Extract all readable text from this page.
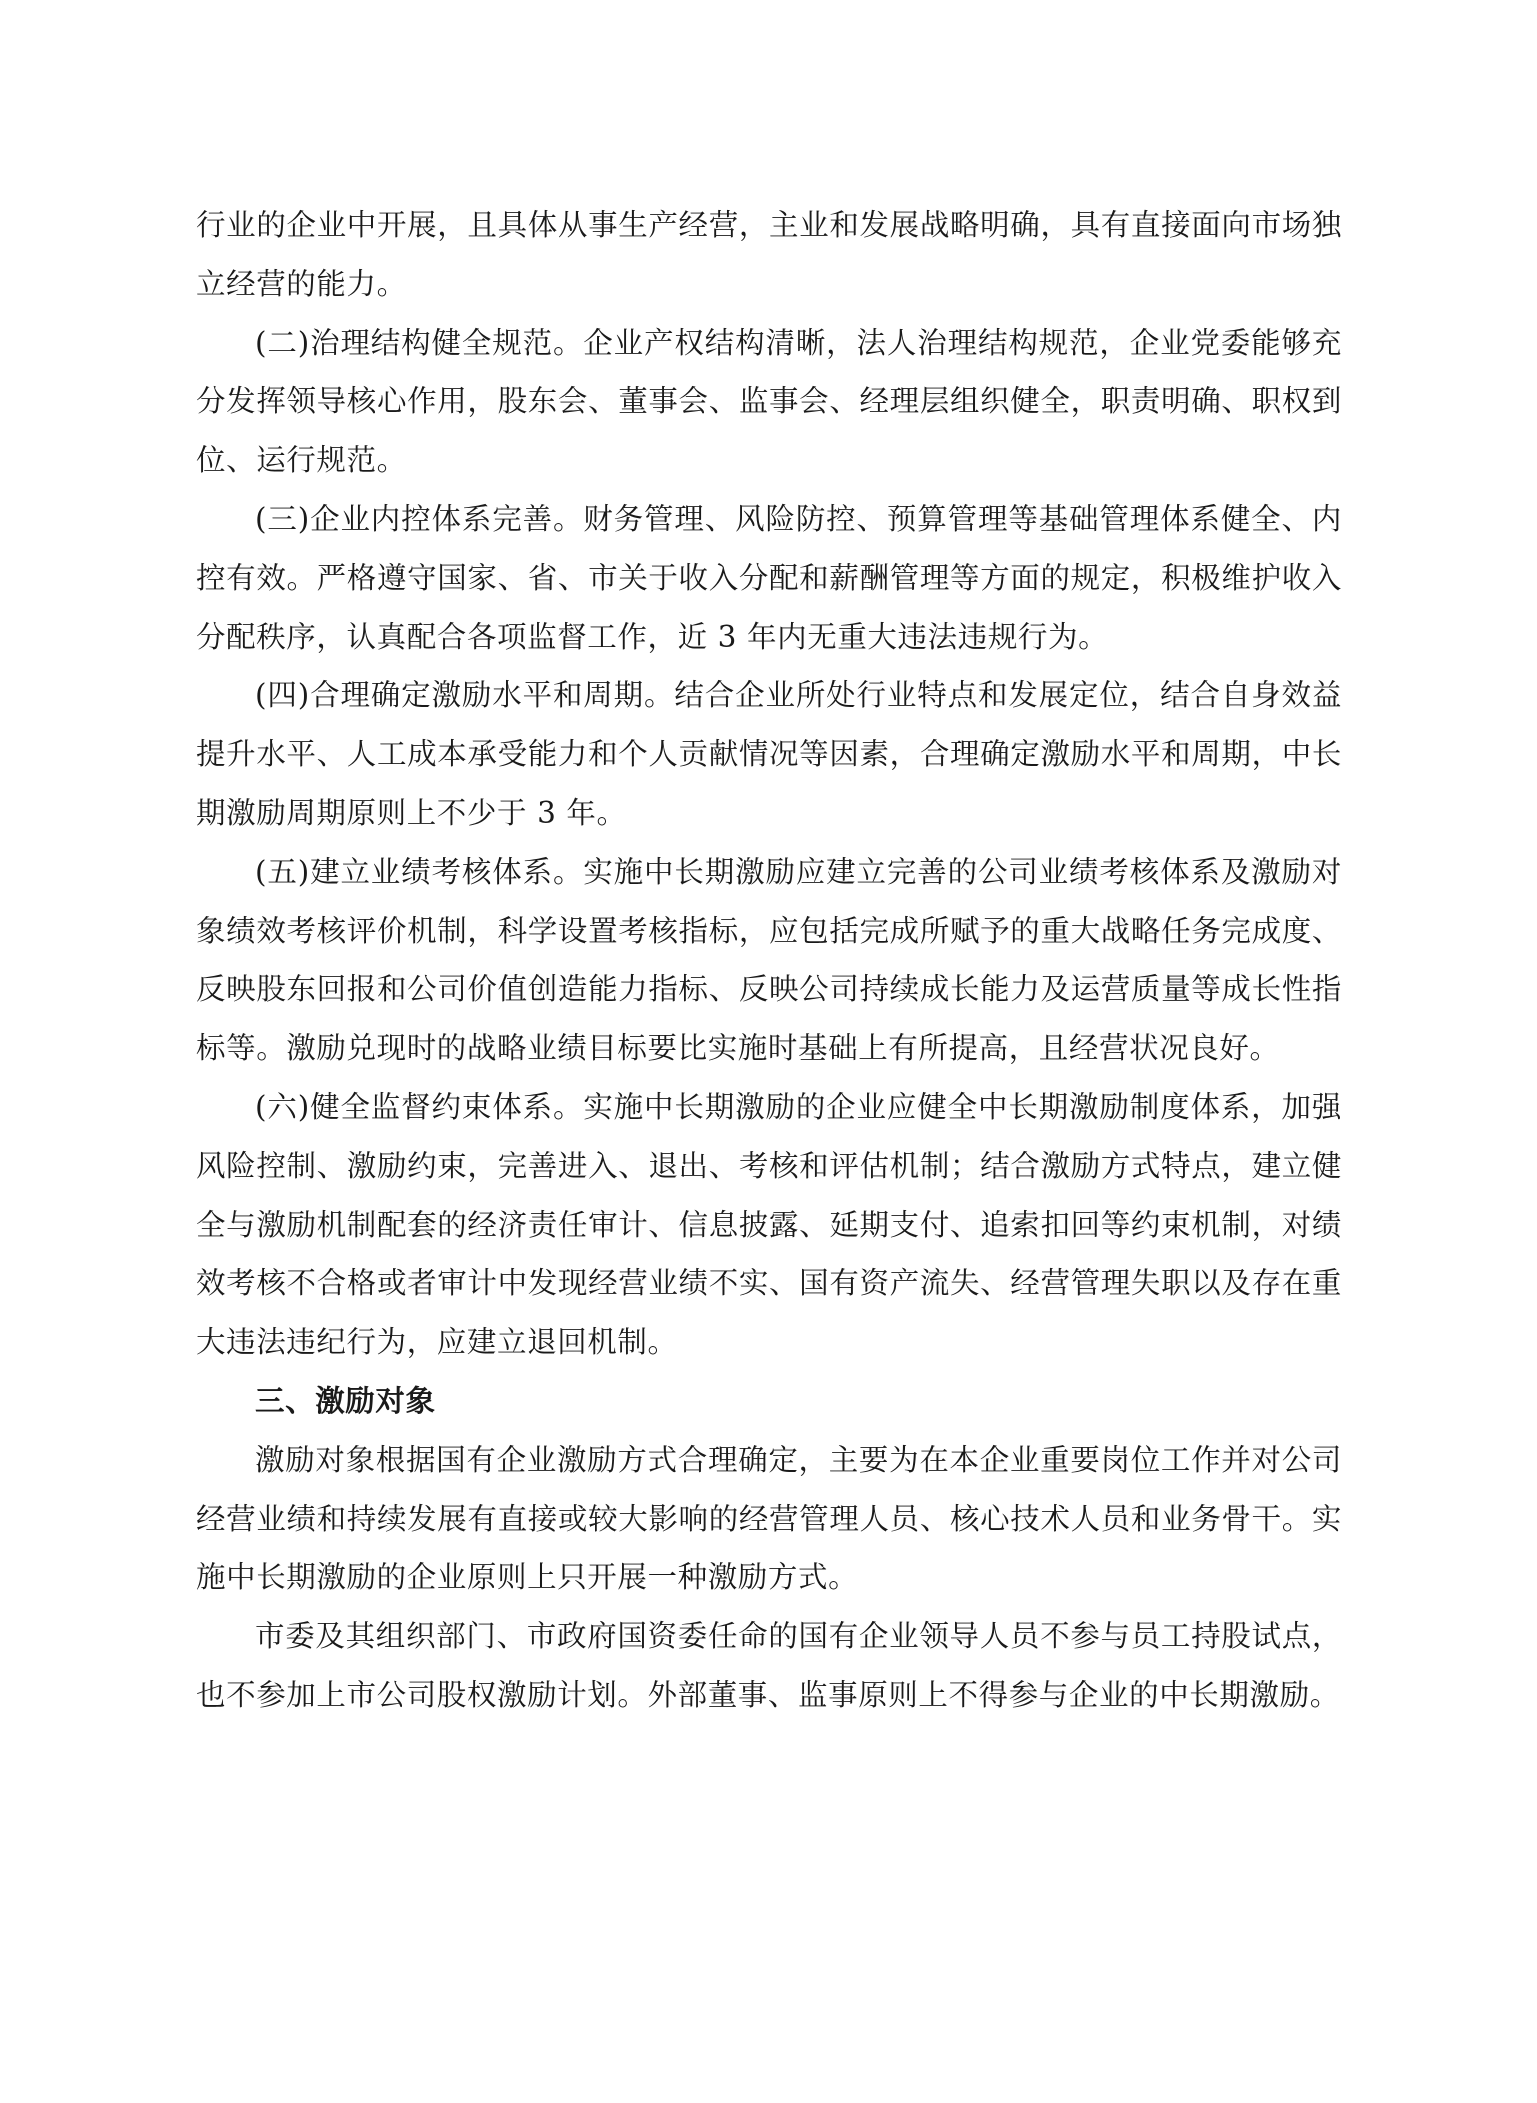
行业的企业中开展，且具体从事生产经营，主业和发展战略明确，具有直接面向市场独立经营的能力。

(二)治理结构健全规范。企业产权结构清晰，法人治理结构规范，企业党委能够充分发挥领导核心作用，股东会、董事会、监事会、经理层组织健全，职责明确、职权到位、运行规范。

(三)企业内控体系完善。财务管理、风险防控、预算管理等基础管理体系健全、内控有效。严格遵守国家、省、市关于收入分配和薪酬管理等方面的规定，积极维护收入分配秩序，认真配合各项监督工作，近 3 年内无重大违法违规行为。

(四)合理确定激励水平和周期。结合企业所处行业特点和发展定位，结合自身效益提升水平、人工成本承受能力和个人贡献情况等因素，合理确定激励水平和周期，中长期激励周期原则上不少于 3 年。

(五)建立业绩考核体系。实施中长期激励应建立完善的公司业绩考核体系及激励对象绩效考核评价机制，科学设置考核指标，应包括完成所赋予的重大战略任务完成度、反映股东回报和公司价值创造能力指标、反映公司持续成长能力及运营质量等成长性指标等。激励兑现时的战略业绩目标要比实施时基础上有所提高，且经营状况良好。

(六)健全监督约束体系。实施中长期激励的企业应健全中长期激励制度体系，加强风险控制、激励约束，完善进入、退出、考核和评估机制；结合激励方式特点，建立健全与激励机制配套的经济责任审计、信息披露、延期支付、追索扣回等约束机制，对绩效考核不合格或者审计中发现经营业绩不实、国有资产流失、经营管理失职以及存在重大违法违纪行为，应建立退回机制。

三、激励对象

激励对象根据国有企业激励方式合理确定，主要为在本企业重要岗位工作并对公司经营业绩和持续发展有直接或较大影响的经营管理人员、核心技术人员和业务骨干。实施中长期激励的企业原则上只开展一种激励方式。

市委及其组织部门、市政府国资委任命的国有企业领导人员不参与员工持股试点，也不参加上市公司股权激励计划。外部董事、监事原则上不得参与企业的中长期激励。
